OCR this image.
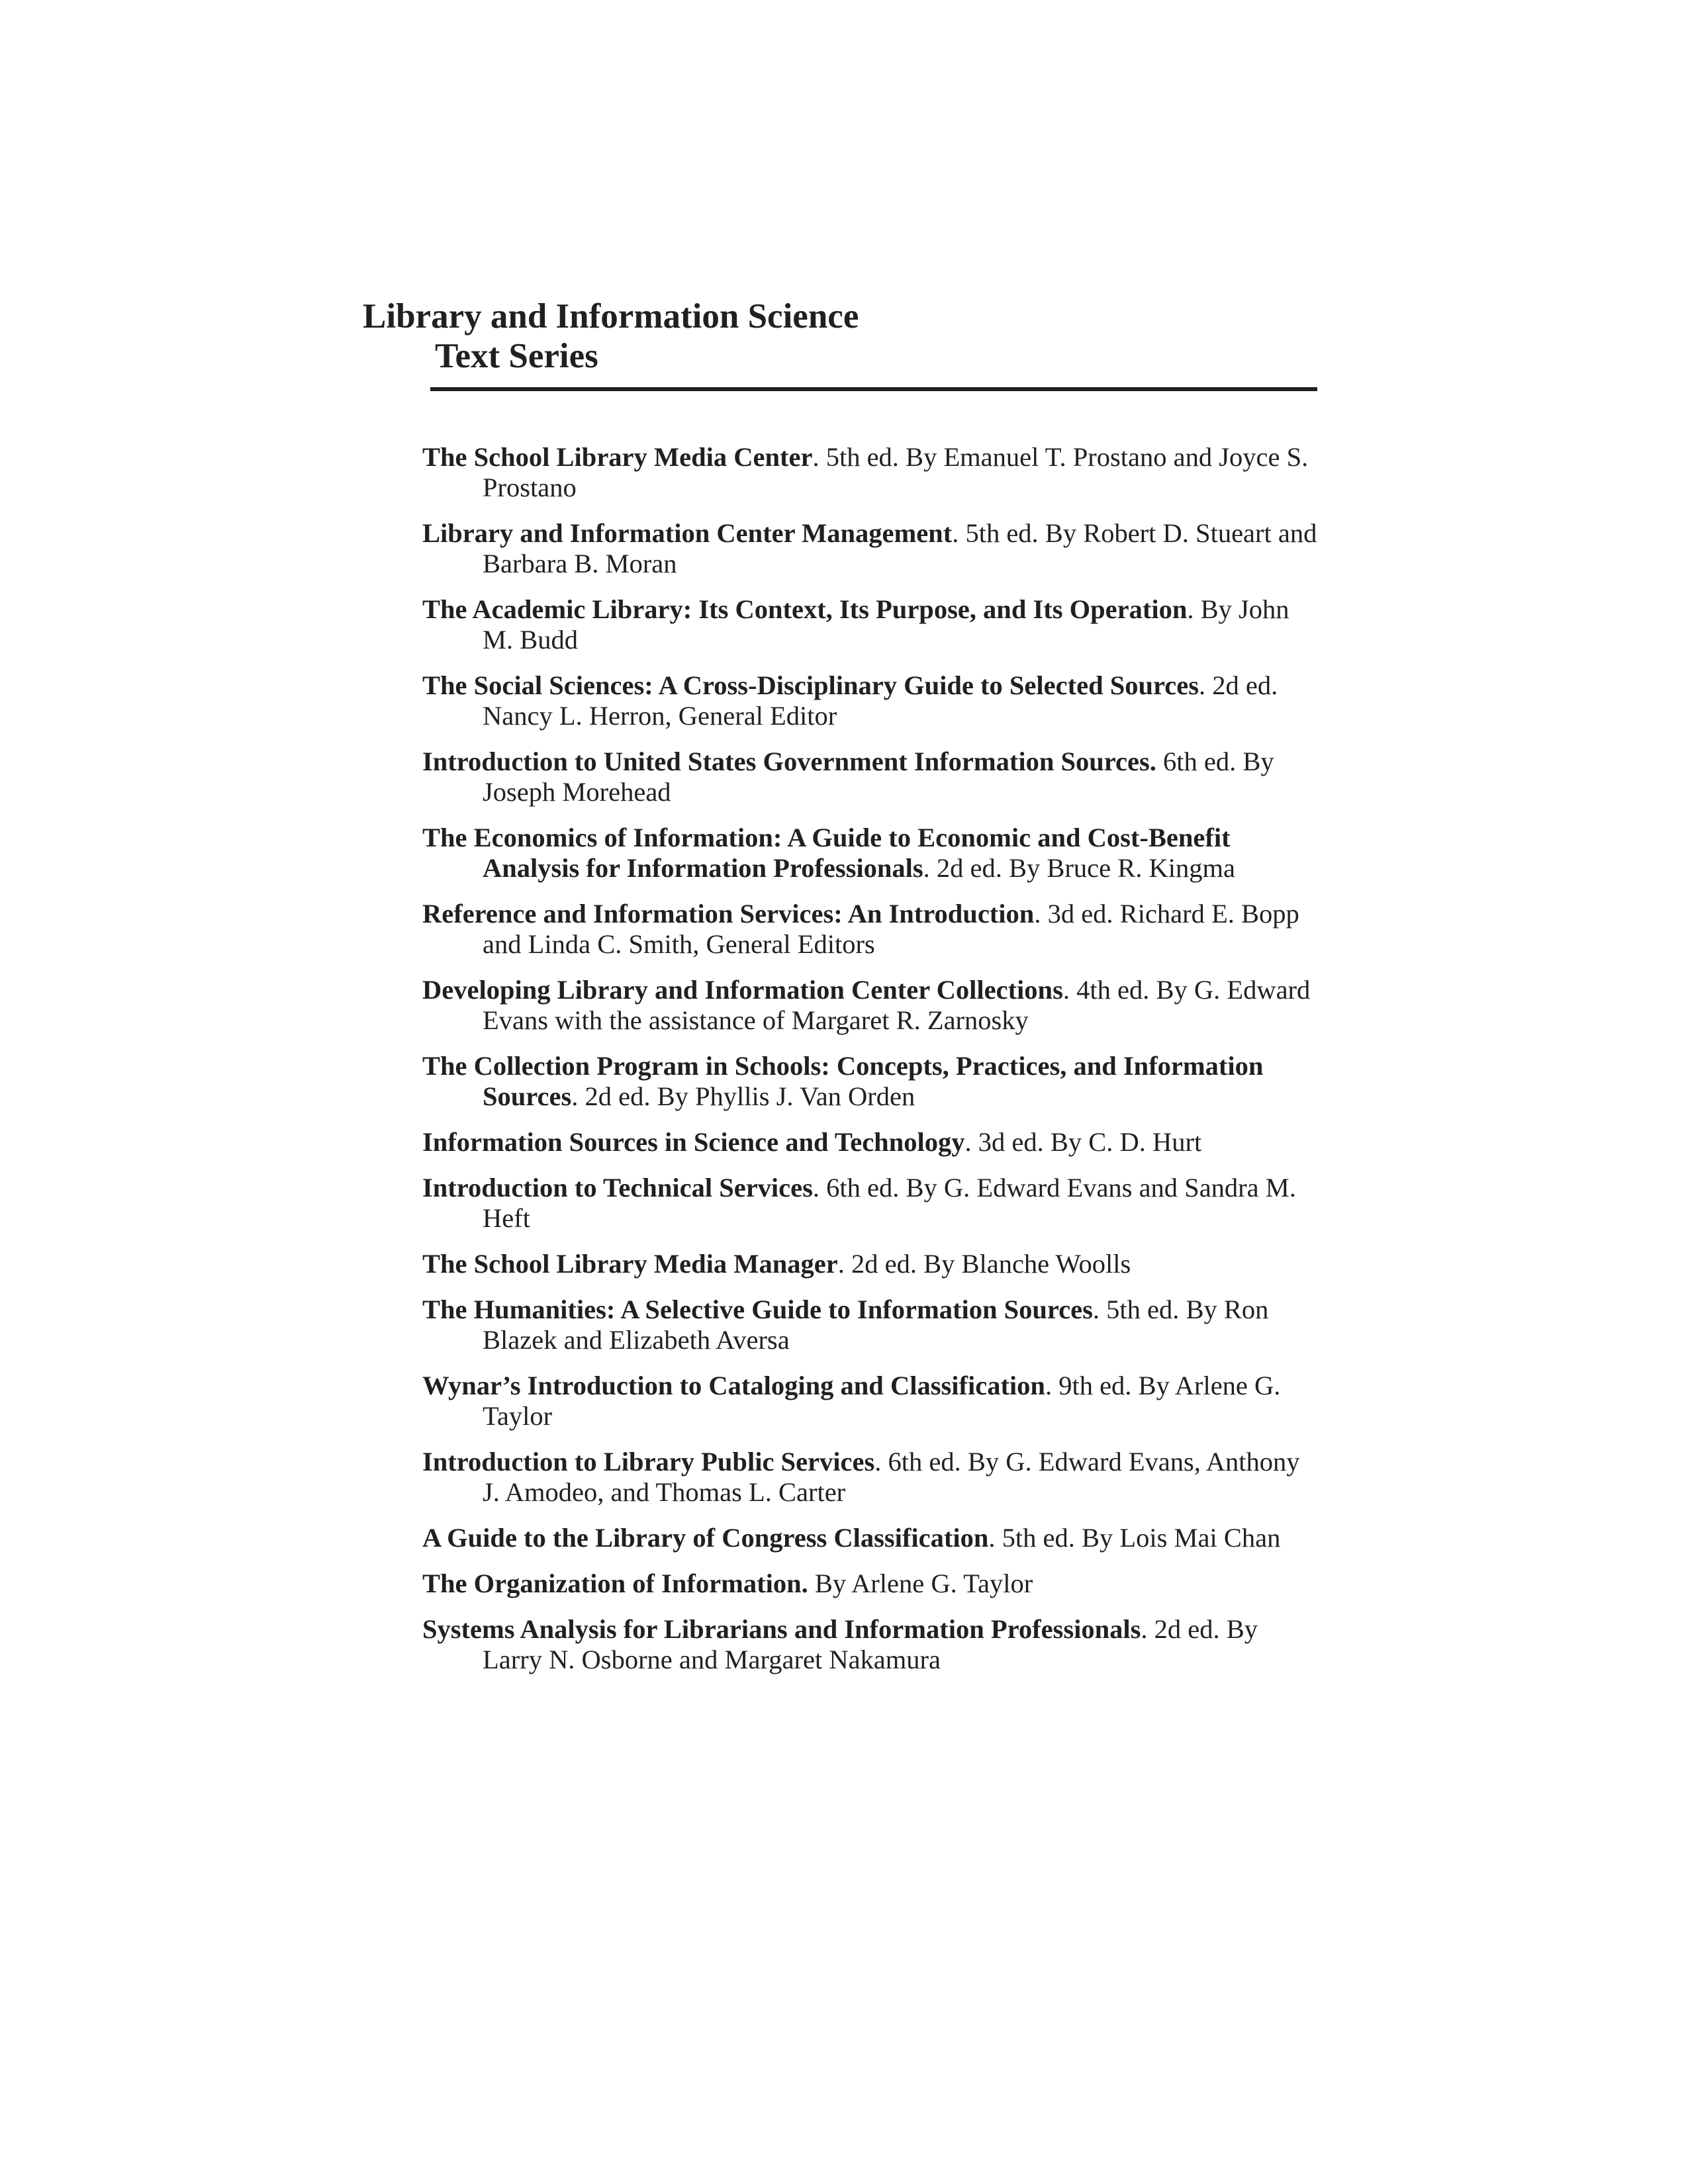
Library and Information Science
Text Series
The School Library Media Center. 5th ed. By Emanuel T. Prostano and Joyce S. Prostano
Library and Information Center Management. 5th ed. By Robert D. Stueart and Barbara B. Moran
The Academic Library: Its Context, Its Purpose, and Its Operation. By John M. Budd
The Social Sciences: A Cross-Disciplinary Guide to Selected Sources. 2d ed. Nancy L. Herron, General Editor
Introduction to United States Government Information Sources. 6th ed. By Joseph Morehead
The Economics of Information: A Guide to Economic and Cost-Benefit Analysis for Information Professionals. 2d ed. By Bruce R. Kingma
Reference and Information Services: An Introduction. 3d ed. Richard E. Bopp and Linda C. Smith, General Editors
Developing Library and Information Center Collections. 4th ed. By G. Edward Evans with the assistance of Margaret R. Zarnosky
The Collection Program in Schools: Concepts, Practices, and Information Sources. 2d ed. By Phyllis J. Van Orden
Information Sources in Science and Technology. 3d ed. By C. D. Hurt
Introduction to Technical Services. 6th ed. By G. Edward Evans and Sandra M. Heft
The School Library Media Manager. 2d ed. By Blanche Woolls
The Humanities: A Selective Guide to Information Sources. 5th ed. By Ron Blazek and Elizabeth Aversa
Wynar’s Introduction to Cataloging and Classification. 9th ed. By Arlene G. Taylor
Introduction to Library Public Services. 6th ed. By G. Edward Evans, Anthony J. Amodeo, and Thomas L. Carter
A Guide to the Library of Congress Classification. 5th ed. By Lois Mai Chan
The Organization of Information. By Arlene G. Taylor
Systems Analysis for Librarians and Information Professionals. 2d ed. By Larry N. Osborne and Margaret Nakamura
